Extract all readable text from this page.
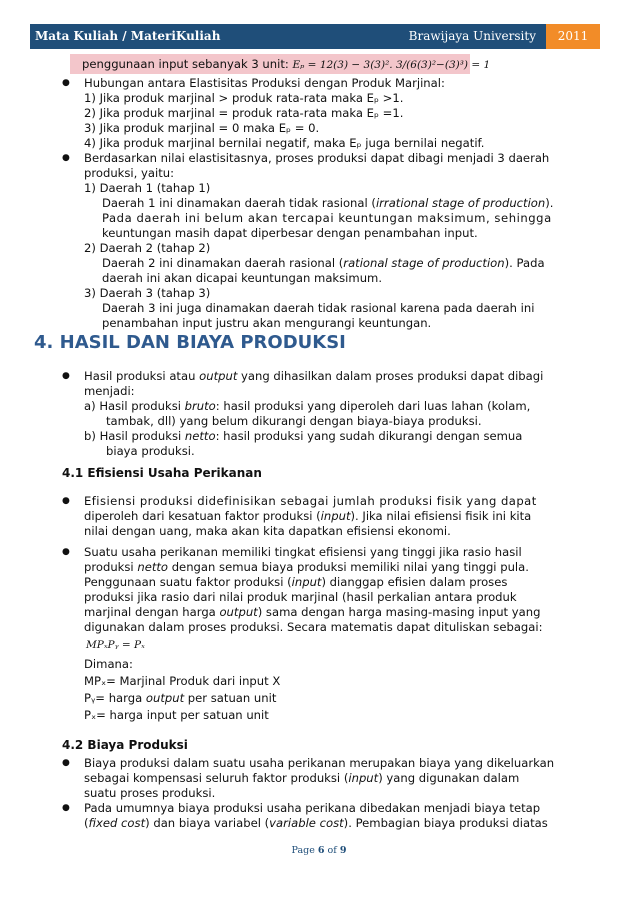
Mata Kuliah / MateriKuliah	Brawijaya University	2011
penggunaan input sebanyak 3 unit: Eₚ = 12(3) − 3(3)². 3/(6(3)²−(3)³) = 1
● Hubungan antara Elastisitas Produksi dengan Produk Marjinal:
1) Jika produk marjinal > produk rata-rata maka Eₚ >1.
2) Jika produk marjinal = produk rata-rata maka Eₚ =1.
3) Jika produk marjinal = 0 maka Eₚ = 0.
4) Jika produk marjinal bernilai negatif, maka Eₚ juga bernilai negatif.
● Berdasarkan nilai elastisitasnya, proses produksi dapat dibagi menjadi 3 daerah
produksi, yaitu:
1) Daerah 1 (tahap 1)
Daerah 1 ini dinamakan daerah tidak rasional (irrational stage of production).
Pada daerah ini belum akan tercapai keuntungan maksimum, sehingga
keuntungan masih dapat diperbesar dengan penambahan input.
2) Daerah 2 (tahap 2)
Daerah 2 ini dinamakan daerah rasional (rational stage of production). Pada
daerah ini akan dicapai keuntungan maksimum.
3) Daerah 3 (tahap 3)
Daerah 3 ini juga dinamakan daerah tidak rasional karena pada daerah ini
penambahan input justru akan mengurangi keuntungan.
4. HASIL DAN BIAYA PRODUKSI
● Hasil produksi atau output yang dihasilkan dalam proses produksi dapat dibagi
menjadi:
a) Hasil produksi bruto: hasil produksi yang diperoleh dari luas lahan (kolam,
tambak, dll) yang belum dikurangi dengan biaya-biaya produksi.
b) Hasil produksi netto: hasil produksi yang sudah dikurangi dengan semua
biaya produksi.
4.1 Efisiensi Usaha Perikanan
● Efisiensi produksi didefinisikan sebagai jumlah produksi fisik yang dapat
diperoleh dari kesatuan faktor produksi (input). Jika nilai efisiensi fisik ini kita
nilai dengan uang, maka akan kita dapatkan efisiensi ekonomi.
● Suatu usaha perikanan memiliki tingkat efisiensi yang tinggi jika rasio hasil
produksi netto dengan semua biaya produksi memiliki nilai yang tinggi pula.
Penggunaan suatu faktor produksi (input) dianggap efisien dalam proses
produksi jika rasio dari nilai produk marjinal (hasil perkalian antara produk
marjinal dengan harga output) sama dengan harga masing-masing input yang
digunakan dalam proses produksi. Secara matematis dapat dituliskan sebagai:
MPₓPᵧ = Pₓ
Dimana:
MPₓ= Marjinal Produk dari input X
Pᵧ= harga output per satuan unit
Pₓ= harga input per satuan unit
4.2 Biaya Produksi
● Biaya produksi dalam suatu usaha perikanan merupakan biaya yang dikeluarkan
sebagai kompensasi seluruh faktor produksi (input) yang digunakan dalam
suatu proses produksi.
● Pada umumnya biaya produksi usaha perikana dibedakan menjadi biaya tetap
(fixed cost) dan biaya variabel (variable cost). Pembagian biaya produksi diatas
Page 6 of 9
